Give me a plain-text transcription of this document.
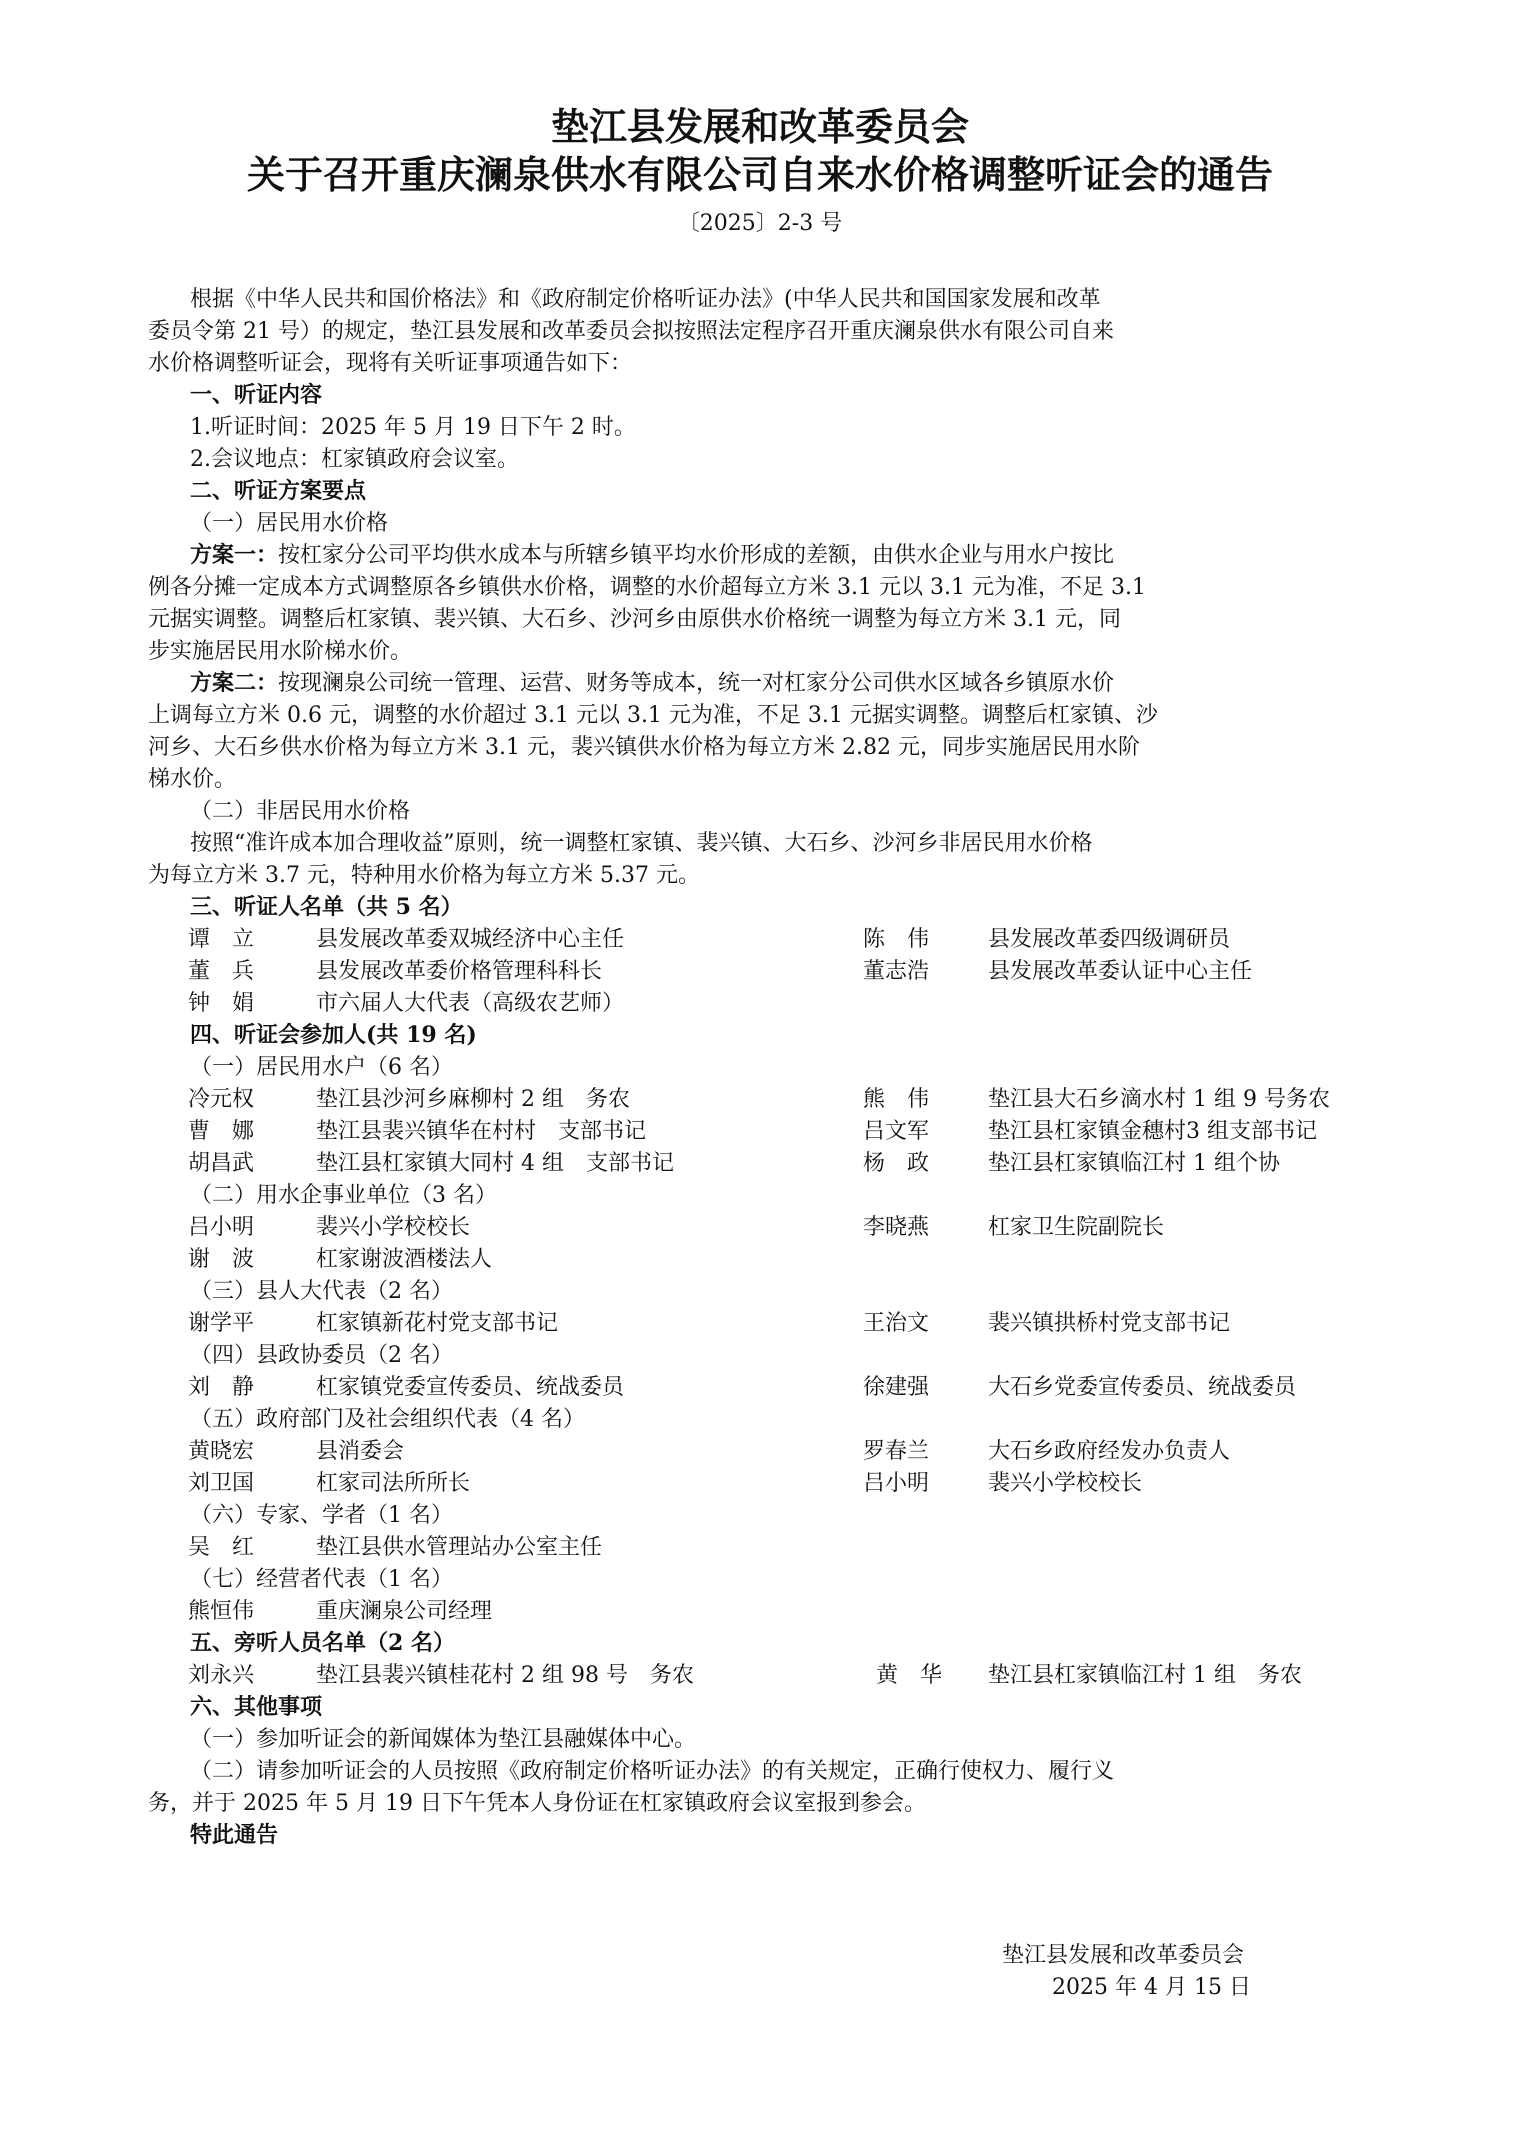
垫江县发展和改革委员会
关于召开重庆澜泉供水有限公司自来水价格调整听证会的通告
〔2025〕2-3 号
根据《中华人民共和国价格法》和《政府制定价格听证办法》(中华人民共和国国家发展和改革
委员令第 21 号）的规定，垫江县发展和改革委员会拟按照法定程序召开重庆澜泉供水有限公司自来
水价格调整听证会，现将有关听证事项通告如下：
一、听证内容
1.听证时间：2025 年 5 月 19 日下午 2 时。
2.会议地点：杠家镇政府会议室。
二、听证方案要点
（一）居民用水价格
方案一：按杠家分公司平均供水成本与所辖乡镇平均水价形成的差额，由供水企业与用水户按比
例各分摊一定成本方式调整原各乡镇供水价格，调整的水价超每立方米 3.1 元以 3.1 元为准，不足 3.1
元据实调整。调整后杠家镇、裴兴镇、大石乡、沙河乡由原供水价格统一调整为每立方米 3.1 元，同
步实施居民用水阶梯水价。
方案二：按现澜泉公司统一管理、运营、财务等成本，统一对杠家分公司供水区域各乡镇原水价
上调每立方米 0.6 元，调整的水价超过 3.1 元以 3.1 元为准，不足 3.1 元据实调整。调整后杠家镇、沙
河乡、大石乡供水价格为每立方米 3.1 元，裴兴镇供水价格为每立方米 2.82 元，同步实施居民用水阶
梯水价。
（二）非居民用水价格
按照“准许成本加合理收益”原则，统一调整杠家镇、裴兴镇、大石乡、沙河乡非居民用水价格
为每立方米 3.7 元，特种用水价格为每立方米 5.37 元。
三、听证人名单（共 5 名）
谭　立	县发展改革委双城经济中心主任	陈　伟	县发展改革委四级调研员
董　兵	县发展改革委价格管理科科长	董志浩	县发展改革委认证中心主任
钟　娟	市六届人大代表（高级农艺师）
四、听证会参加人(共 19 名)
（一）居民用水户（6 名）
冷元权	垫江县沙河乡麻柳村 2 组　务农	熊　伟	垫江县大石乡滴水村 1 组 9 号务农
曹　娜	垫江县裴兴镇华在村村　支部书记	吕文军	垫江县杠家镇金穗村3 组支部书记
胡昌武	垫江县杠家镇大同村 4 组　支部书记	杨　政	垫江县杠家镇临江村 1 组个协
（二）用水企事业单位（3 名）
吕小明	裴兴小学校校长	李晓燕	杠家卫生院副院长
谢　波	杠家谢波酒楼法人
（三）县人大代表（2 名）
谢学平	杠家镇新花村党支部书记	王治文	裴兴镇拱桥村党支部书记
（四）县政协委员（2 名）
刘　静	杠家镇党委宣传委员、统战委员	徐建强	大石乡党委宣传委员、统战委员
（五）政府部门及社会组织代表（4 名）
黄晓宏	县消委会	罗春兰	大石乡政府经发办负责人
刘卫国	杠家司法所所长	吕小明	裴兴小学校校长
（六）专家、学者（1 名）
吴　红	垫江县供水管理站办公室主任
（七）经营者代表（1 名）
熊恒伟	重庆澜泉公司经理
五、旁听人员名单（2 名）
刘永兴	垫江县裴兴镇桂花村 2 组 98 号　务农	黄　华 垫江县杠家镇临江村 1 组　务农
六、其他事项
（一）参加听证会的新闻媒体为垫江县融媒体中心。
（二）请参加听证会的人员按照《政府制定价格听证办法》的有关规定，正确行使权力、履行义
务，并于 2025 年 5 月 19 日下午凭本人身份证在杠家镇政府会议室报到参会。
特此通告
垫江县发展和改革委员会
2025 年 4 月 15 日
